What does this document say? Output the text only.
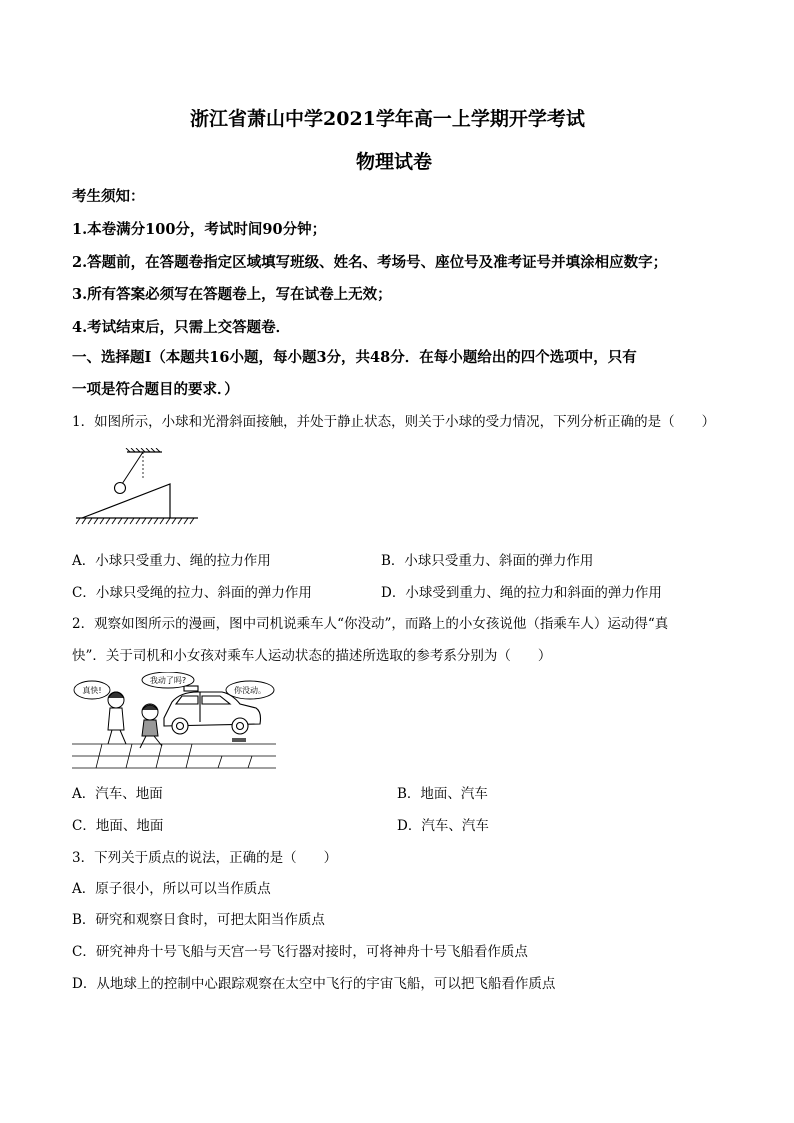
浙江省萧山中学2021学年高一上学期开学考试
物理试卷
考生须知：
1.本卷满分100分，考试时间90分钟；
2.答题前，在答题卷指定区域填写班级、姓名、考场号、座位号及准考证号并填涂相应数字；
3.所有答案必须写在答题卷上，写在试卷上无效；
4.考试结束后，只需上交答题卷．
一、选择题Ⅰ（本题共16小题，每小题3分，共48分．在每小题给出的四个选项中，只有
一项是符合题目的要求．）
1．如图所示，小球和光滑斜面接触，并处于静止状态，则关于小球的受力情况，下列分析正确的是（　　）
A．小球只受重力、绳的拉力作用	B．小球只受重力、斜面的弹力作用
C．小球只受绳的拉力、斜面的弹力作用	D．小球受到重力、绳的拉力和斜面的弹力作用
2．观察如图所示的漫画，图中司机说乘车人“你没动”，而路上的小女孩说他（指乘车人）运动得“真
快”．关于司机和小女孩对乘车人运动状态的描述所选取的参考系分别为（　　）
真快!
我动了吗?
你没动。
A．汽车、地面	B．地面、汽车
C．地面、地面	D．汽车、汽车
3．下列关于质点的说法，正确的是（　　）
A．原子很小，所以可以当作质点
B．研究和观察日食时，可把太阳当作质点
C．研究神舟十号飞船与天宫一号飞行器对接时，可将神舟十号飞船看作质点
D．从地球上的控制中心跟踪观察在太空中飞行的宇宙飞船，可以把飞船看作质点
